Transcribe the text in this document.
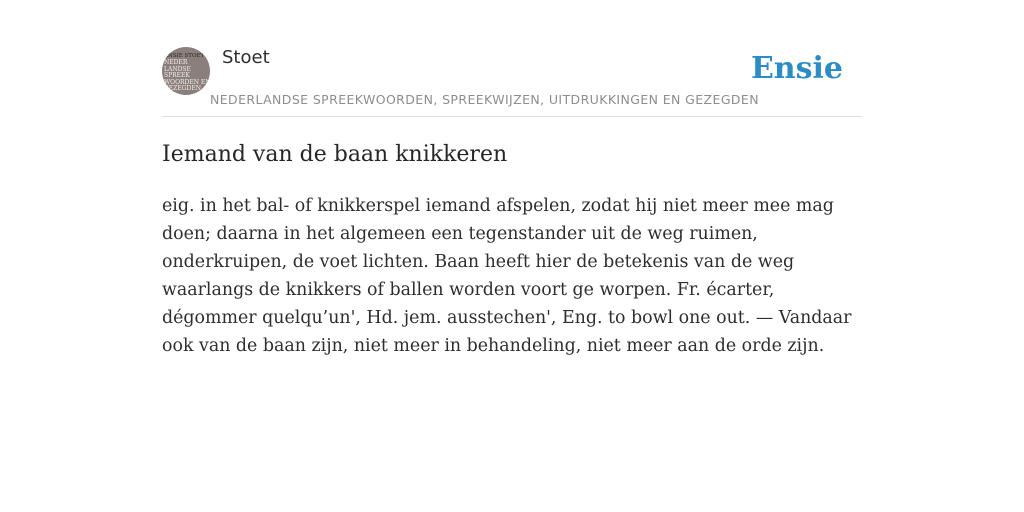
ENSIE STOET
NEDER
LANDSE
SPREEK
WOORDEN EN
GEZEGDEN
Stoet
NEDERLANDSE SPREEKWOORDEN, SPREEKWIJZEN, UITDRUKKINGEN EN GEZEGDEN
Ensie
Iemand van de baan knikkeren

eig. in het bal- of knikkerspel iemand afspelen, zodat hij niet meer mee mag doen; daarna in het algemeen een tegenstander uit de weg ruimen, onderkruipen, de voet lichten. Baan heeft hier de betekenis van de weg waarlangs de knikkers of ballen worden voort ge worpen. Fr. écarter, dégommer quelqu’un', Hd. jem. ausstechen', Eng. to bowl one out. — Vandaar ook van de baan zijn, niet meer in behandeling, niet meer aan de orde zijn.
